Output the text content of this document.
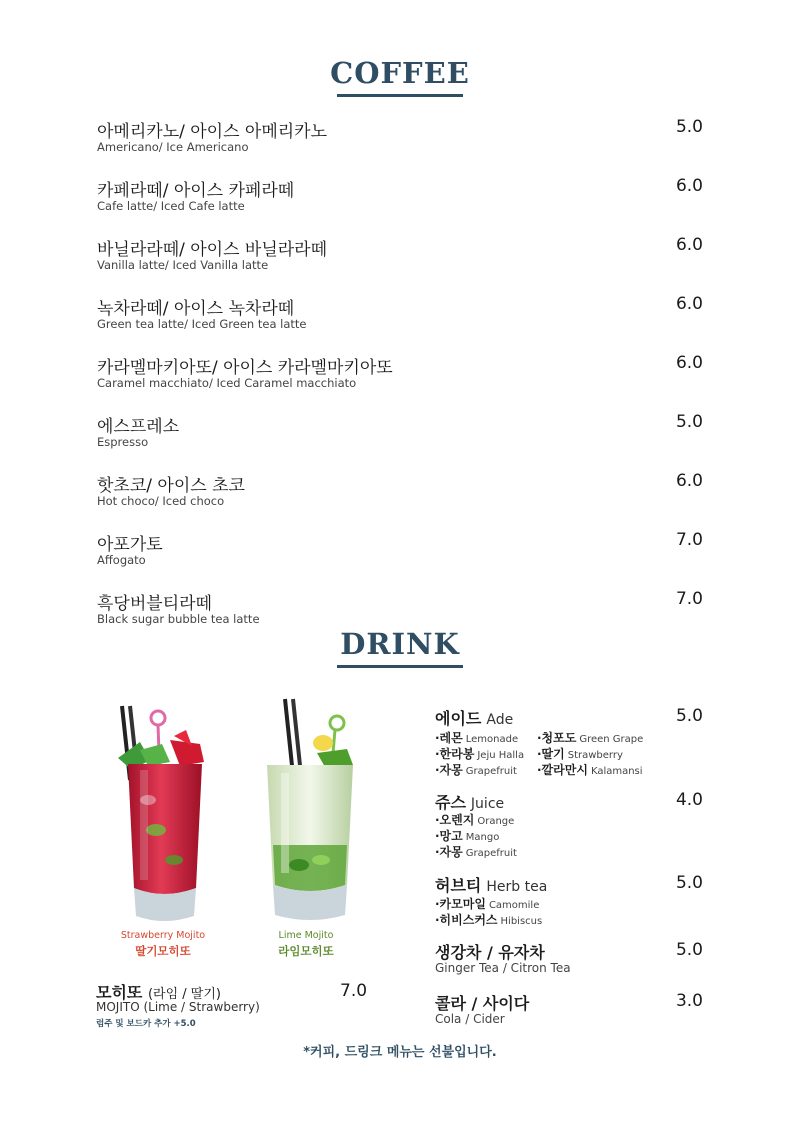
COFFEE
아메리카노/ 아이스 아메리카노
Americano/ Ice Americano
5.0
카페라떼/ 아이스 카페라떼
Cafe latte/ Iced Cafe latte
6.0
바닐라라떼/ 아이스 바닐라라떼
Vanilla latte/ Iced Vanilla latte
6.0
녹차라떼/ 아이스 녹차라떼
Green tea latte/ Iced Green tea latte
6.0
카라멜마키아또/ 아이스 카라멜마키아또
Caramel macchiato/ Iced Caramel macchiato
6.0
에스프레소
Espresso
5.0
핫초코/ 아이스 초코
Hot choco/ Iced choco
6.0
아포가토
Affogato
7.0
흑당버블티라떼
Black sugar bubble tea latte
7.0
DRINK
Strawberry Mojito
딸기모히또
Lime Mojito
라임모히또
모히또 (라임 / 딸기)
MOJITO (Lime / Strawberry)
럼주 및 보드카 추가 +5.0
7.0
에이드 Ade	5.0
·레몬 Lemonade
·한라봉 Jeju Halla
·자몽 Grapefruit
·청포도 Green Grape
·딸기 Strawberry
·깔라만시 Kalamansi
쥬스 Juice	4.0
·오렌지 Orange
·망고 Mango
·자몽 Grapefruit
허브티 Herb tea	5.0
·카모마일 Camomile
·히비스커스 Hibiscus
생강차 / 유자차	5.0
Ginger Tea / Citron Tea
콜라 / 사이다	3.0
Cola / Cider
*커피, 드링크 메뉴는 선불입니다.
